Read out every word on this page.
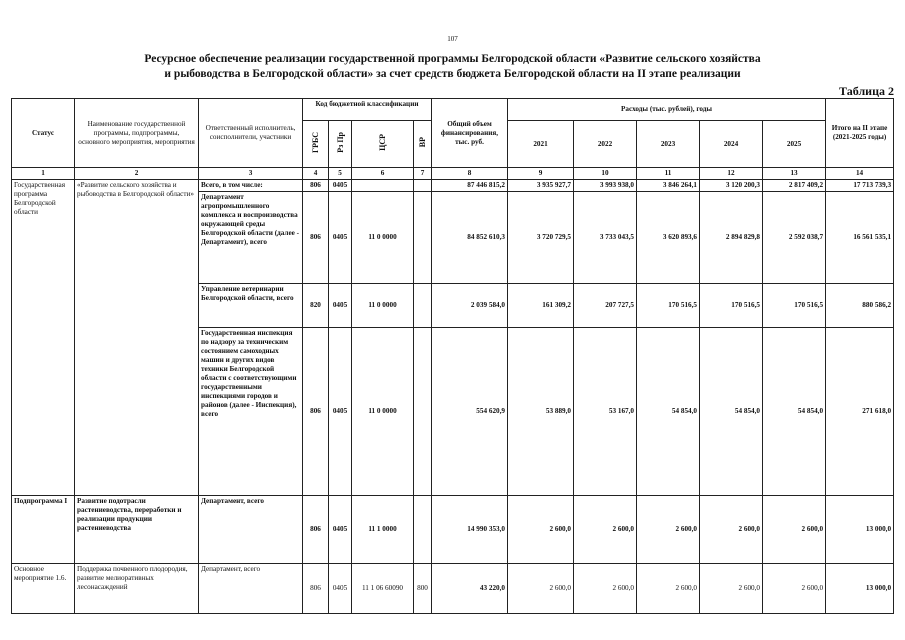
107
Ресурсное обеспечение реализации государственной программы Белгородской области «Развитие сельского хозяйства
и рыбоводства в Белгородской области» за счет средств бюджета Белгородской области на II этапе реализации
Таблица 2
Статус	Наименование государственной программы, подпрограммы, основного мероприятия, мероприятия	Ответственный исполнитель, соисполнители, участники	Код бюджетной классификации				Общий объем финансирования, тыс. руб.	Расходы (тыс. рублей), годы					Итого на II этапе (2021-2025 годы)
			ГРБС	Рз Пр	ЦСР	ВР		2021	2022	2023	2024	2025	
1	2	3	4	5	6	7	8	9	10	11	12	13	14
Государственная программа Белгородской области	«Развитие сельского хозяйства и рыбоводства в Белгородской области»	Всего, в том числе:	806	0405			87 446 815,2	3 935 927,7	3 993 938,0	3 846 264,1	3 120 200,3	2 817 409,2	17 713 739,3
		Департамент агропромышленного комплекса и воспроизводства окружающей среды Белгородской области (далее - Департамент), всего	806	0405	11 0 0000		84 852 610,3	3 720 729,5	3 733 043,5	3 620 893,6	2 894 829,8	2 592 038,7	16 561 535,1
		Управление ветеринарии Белгородской области, всего	820	0405	11 0 0000		2 039 584,0	161 309,2	207 727,5	170 516,5	170 516,5	170 516,5	880 586,2
		Государственная инспекция по надзору за техническим состоянием самоходных машин и других видов техники Белгородской области с соответствующими государственными инспекциями городов и районов (далее - Инспекция), всего	806	0405	11 0 0000		554 620,9	53 889,0	53 167,0	54 854,0	54 854,0	54 854,0	271 618,0
Подпрограмма I	Развитие подотрасли растениеводства, переработки и реализации продукции растениеводства	Департамент, всего	806	0405	11 1 0000		14 990 353,0	2 600,0	2 600,0	2 600,0	2 600,0	2 600,0	13 000,0
Основное мероприятие 1.6.	Поддержка почвенного плодородия, развитие мелиоративных лесонасаждений	Департамент, всего	806	0405	11 1 06 60090	800	43 220,0	2 600,0	2 600,0	2 600,0	2 600,0	2 600,0	13 000,0
